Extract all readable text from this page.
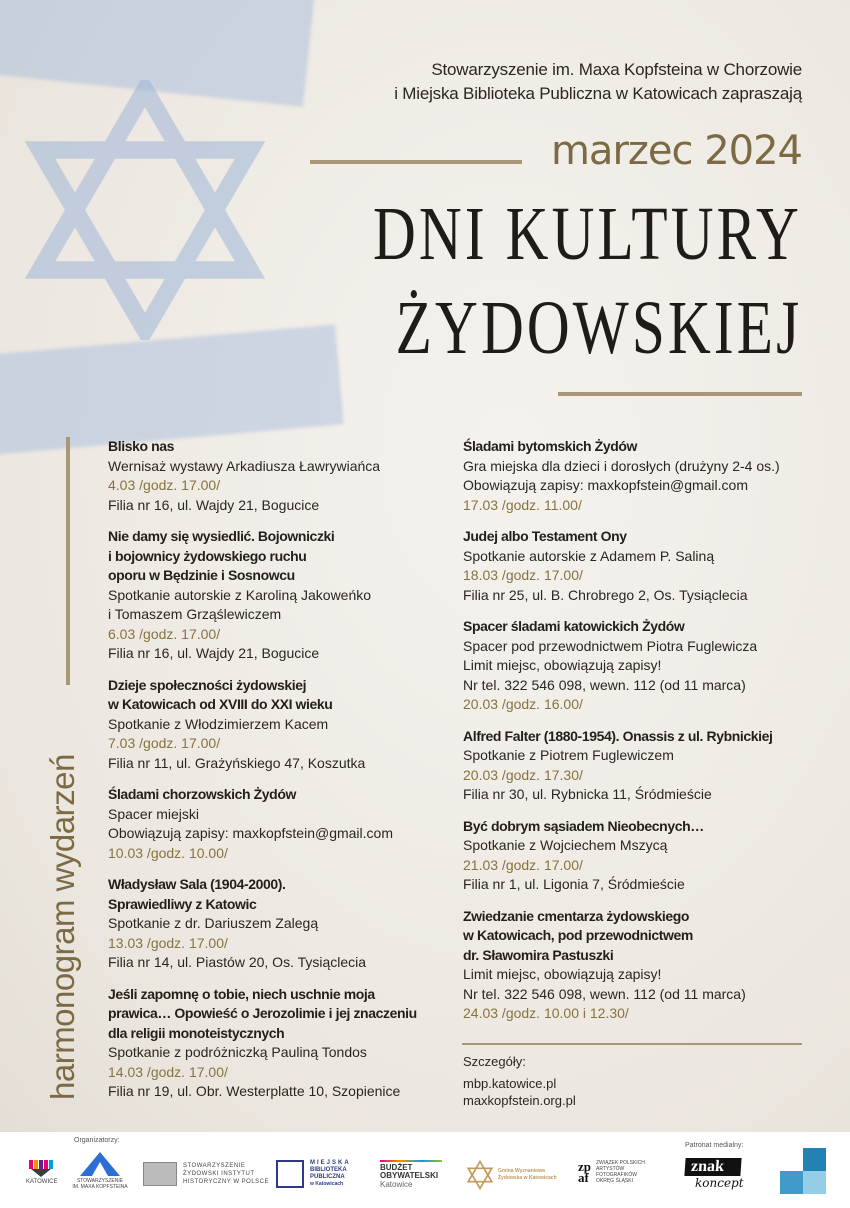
Stowarzyszenie im. Maxa Kopfsteina w Chorzowie
i Miejska Biblioteka Publiczna w Katowicach zapraszają
marzec 2024
DNI KULTURY
ŻYDOWSKIEJ
harmonogram wydarzeń
Blisko nas
Wernisaż wystawy Arkadiusza Ławrywiańca
4.03 /godz. 17.00/
Filia nr 16, ul. Wajdy 21, Bogucice
Nie damy się wysiedlić. Bojowniczki
i bojownicy żydowskiego ruchu
oporu w Będzinie i Sosnowcu
Spotkanie autorskie z Karoliną Jakoweńko
i Tomaszem Grząślewiczem
6.03 /godz. 17.00/
Filia nr 16, ul. Wajdy 21, Bogucice
Dzieje społeczności żydowskiej
w Katowicach od XVIII do XXI wieku
Spotkanie z Włodzimierzem Kacem
7.03 /godz. 17.00/
Filia nr 11, ul. Grażyńskiego 47, Koszutka
Śladami chorzowskich Żydów
Spacer miejski
Obowiązują zapisy: maxkopfstein@gmail.com
10.03 /godz. 10.00/
Władysław Sala (1904-2000).
Sprawiedliwy z Katowic
Spotkanie z dr. Dariuszem Zalegą
13.03 /godz. 17.00/
Filia nr 14, ul. Piastów 20, Os. Tysiąclecia
Jeśli zapomnę o tobie, niech uschnie moja
prawica… Opowieść o Jerozolimie i jej znaczeniu
dla religii monoteistycznych
Spotkanie z podróżniczką Pauliną Tondos
14.03 /godz. 17.00/
Filia nr 19, ul. Obr. Westerplatte 10, Szopienice
Śladami bytomskich Żydów
Gra miejska dla dzieci i dorosłych (drużyny 2-4 os.)
Obowiązują zapisy: maxkopfstein@gmail.com
17.03 /godz. 11.00/
Judej albo Testament Ony
Spotkanie autorskie z Adamem P. Saliną
18.03 /godz. 17.00/
Filia nr 25, ul. B. Chrobrego 2, Os. Tysiąclecia
Spacer śladami katowickich Żydów
Spacer pod przewodnictwem Piotra Fuglewicza
Limit miejsc, obowiązują zapisy!
Nr tel. 322 546 098, wewn. 112 (od 11 marca)
20.03 /godz. 16.00/
Alfred Falter (1880-1954). Onassis z ul. Rybnickiej
Spotkanie z Piotrem Fuglewiczem
20.03 /godz. 17.30/
Filia nr 30, ul. Rybnicka 11, Śródmieście
Być dobrym sąsiadem Nieobecnych…
Spotkanie z Wojciechem Mszycą
21.03 /godz. 17.00/
Filia nr 1, ul. Ligonia 7, Śródmieście
Zwiedzanie cmentarza żydowskiego
w Katowicach, pod przewodnictwem
dr. Sławomira Pastuszki
Limit miejsc, obowiązują zapisy!
Nr tel. 322 546 098, wewn. 112 (od 11 marca)
24.03 /godz. 10.00 i 12.30/
Szczegóły:
mbp.katowice.pl
maxkopfstein.org.pl
Organizatorzy:
Patronat medialny:
KATOWICE	STOWARZYSZENIE
IM. MAXA KOPFSTEINA
STOWARZYSZENIE
ŻYDOWSKI INSTYTUT
HISTORYCZNY W POLSCE
MIEJSKA
BIBLIOTEKA
PUBLICZNA
w Katowicach
BUDŻET
OBYWATELSKI
Katowice
Gmina Wyznaniowa
Żydowska w Katowicach
zp
af
ZWIĄZEK POLSKICH
ARTYSTÓW
FOTOGRAFIKÓW
OKRĘG ŚLĄSKI
znak
koncept
